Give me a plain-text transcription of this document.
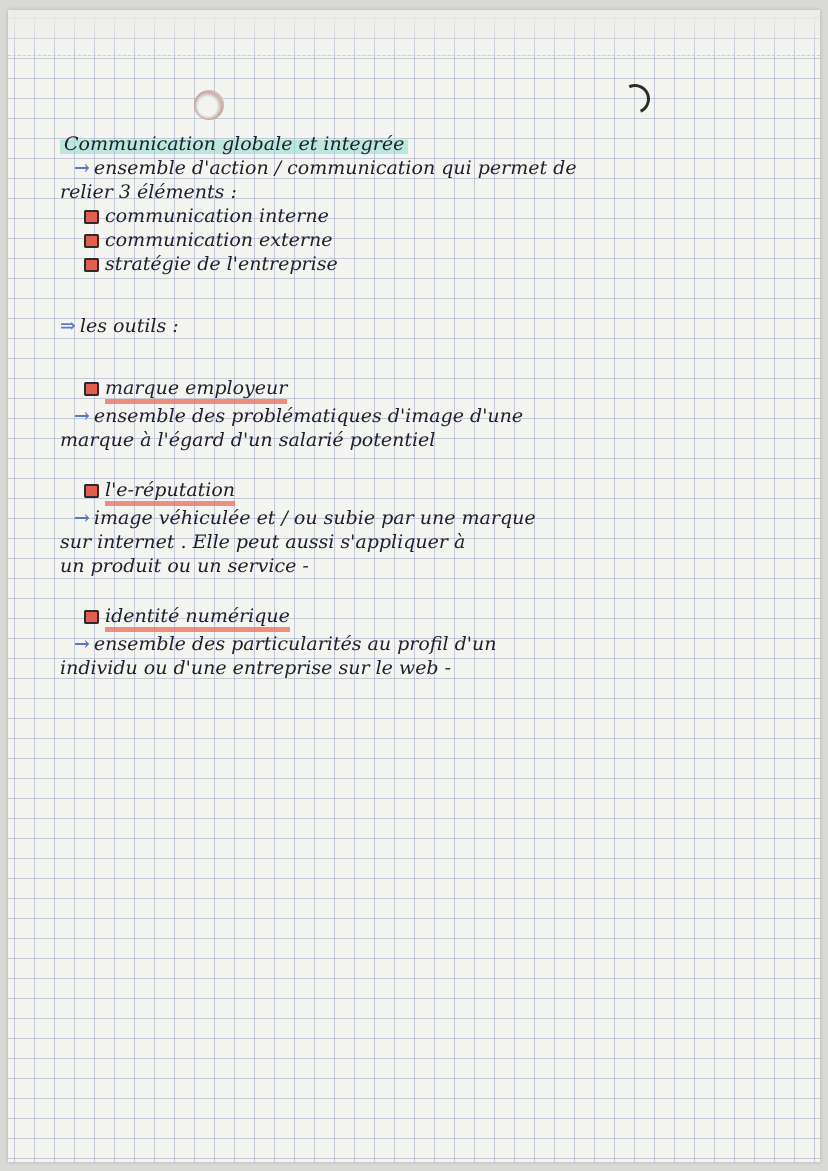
Communication globale et integrée
→ ensemble d'action / communication qui permet de
relier 3 éléments :
communication interne
communication externe
stratégie de l'entreprise
⇒ les outils :
marque employeur
→ ensemble des problématiques d'image d'une
marque à l'égard d'un salarié potentiel
l'e-réputation
→ image véhiculée et / ou subie par une marque
sur internet . Elle peut aussi s'appliquer à
un produit ou un service -
identité numérique
→ ensemble des particularités au profil d'un
individu ou d'une entreprise sur le web -
